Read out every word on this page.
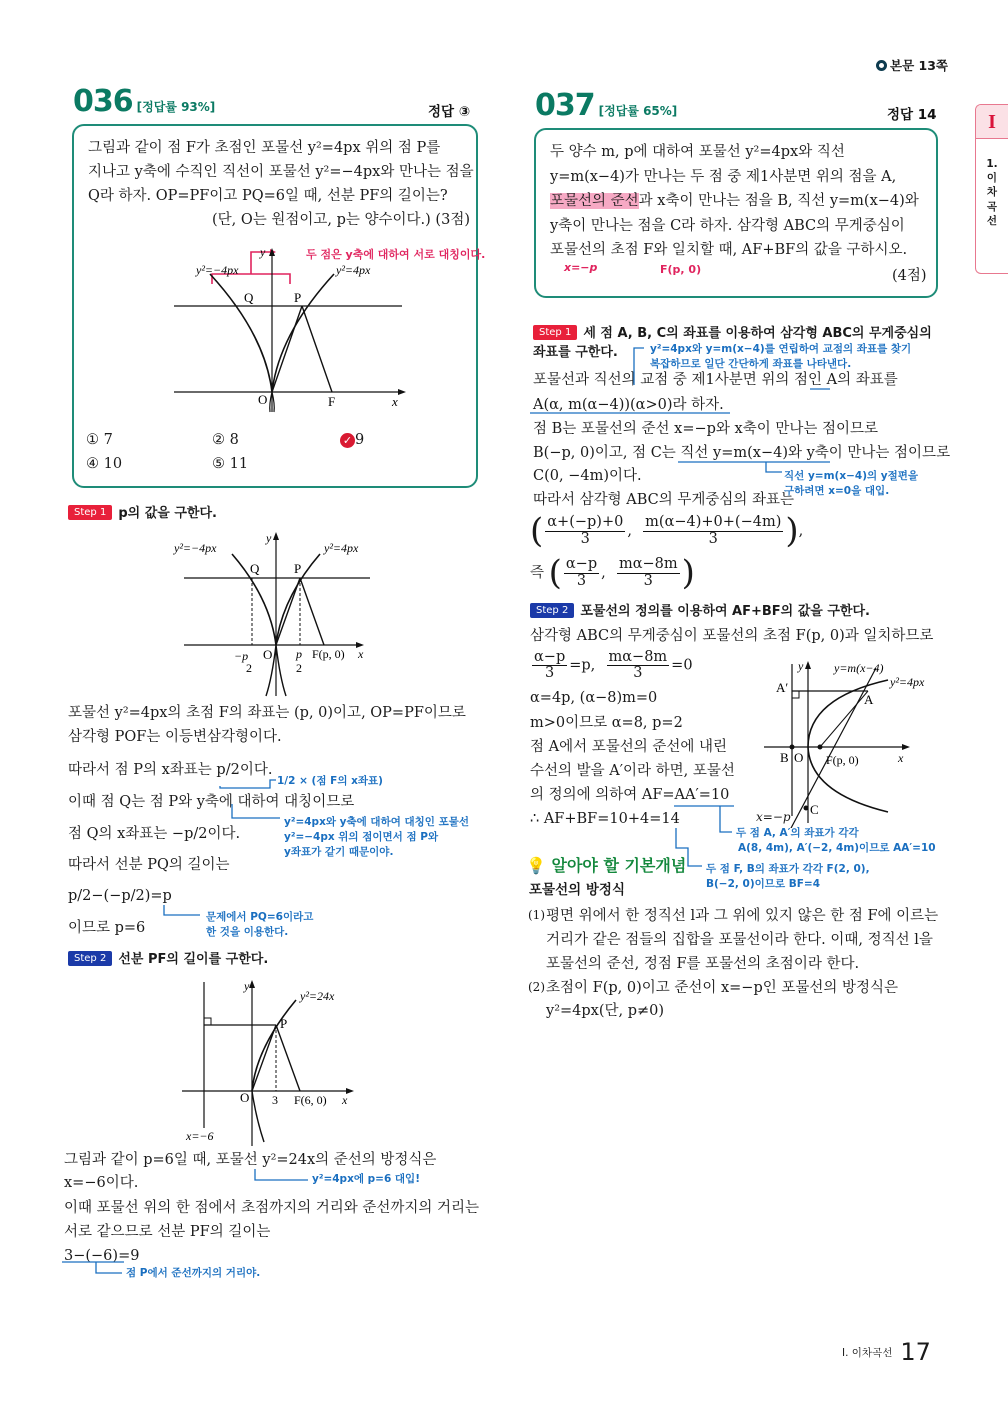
본문 13쪽
I
1.
이
차
곡
선
036 [정답률 93%]	정답 ③
그림과 같이 점 F가 초점인 포물선 y²=4px 위의 점 P를
지나고 y축에 수직인 직선이 포물선 y²=−4px와 만나는 점을
Q라 하자. OP=PF이고 PQ=6일 때, 선분 PF의 길이는?
(단, O는 원점이고, p는 양수이다.) (3점)
두 점은 y축에 대하여 서로 대칭이다.
y²=−4px	y²=4px
Q	P
O	F	x
y
① 7	② 8	✓ 9
④ 10	⑤ 11
Step 1 p의 값을 구한다.
y²=−4px	y²=4px
Q	P
O
−p
2
p
2
F(p, 0) x
y
포물선 y²=4px의 초점 F의 좌표는 (p, 0)이고, OP=PF이므로
삼각형 POF는 이등변삼각형이다.
따라서 점 P의 x좌표는 p/2이다.
이때 점 Q는 점 P와 y축에 대하여 대칭이므로
점 Q의 x좌표는 −p/2이다.
따라서 선분 PQ의 길이는
p/2−(−p/2)=p
이므로 p=6
1/2 × (점 F의 x좌표)
y²=4px와 y축에 대하여 대칭인 포물선
y²=−4px 위의 점이면서 점 P와
y좌표가 같기 때문이야.
문제에서 PQ=6이라고
한 것을 이용한다.
Step 2 선분 PF의 길이를 구한다.
y²=24x
P
O 3 F(6, 0) x
y
x=−6
그림과 같이 p=6일 때, 포물선 y²=24x의 준선의 방정식은
x=−6이다.
이때 포물선 위의 한 점에서 초점까지의 거리와 준선까지의 거리는
서로 같으므로 선분 PF의 길이는
3−(−6)=9
y²=4px에 p=6 대입!
점 P에서 준선까지의 거리야.
037 [정답률 65%]	정답 14
두 양수 m, p에 대하여 포물선 y²=4px와 직선
y=m(x−4)가 만나는 두 점 중 제1사분면 위의 점을 A,
포물선의 준선과 x축이 만나는 점을 B, 직선 y=m(x−4)와
y축이 만나는 점을 C라 하자. 삼각형 ABC의 무게중심이
포물선의 초점 F와 일치할 때, AF+BF의 값을 구하시오.
x=−p	F(p, 0)	(4점)
Step 1 세 점 A, B, C의 좌표를 이용하여 삼각형 ABC의 무게중심의
좌표를 구한다.	y²=4px와 y=m(x−4)를 연립하여 교점의 좌표를 찾기
복잡하므로 일단 간단하게 좌표를 나타낸다.
포물선과 직선의 교점 중 제1사분면 위의 점인 A의 좌표를
A(α, m(α−4))(α>0)라 하자.
점 B는 포물선의 준선 x=−p와 x축이 만나는 점이므로
B(−p, 0)이고, 점 C는 직선 y=m(x−4)와 y축이 만나는 점이므로
C(0, −4m)이다.	직선 y=m(x−4)의 y절편을
구하려면 x=0을 대입.
따라서 삼각형 ABC의 무게중심의 좌표는
( $\frac{\alpha+(-p)+0}{3}$ , $\frac{m(\alpha-4)+0+(-4m)}{3}$ ),
즉 ( $\frac{\alpha-p}{3}$ , $\frac{m\alpha-8m}{3}$ )
Step 2 포물선의 정의를 이용하여 AF+BF의 값을 구한다.
삼각형 ABC의 무게중심이 포물선의 초점 F(p, 0)과 일치하므로
$\frac{\alpha-p}{3} =p$, $\frac{m\alpha-8m}{3} =0$
α=4p, (α−8)m=0
m>0이므로 α=8, p=2
점 A에서 포물선의 준선에 내린
수선의 발을 A′이라 하면, 포물선
의 정의에 의하여 AF=AA′=10
∴ AF+BF=10+4=14
y=m(x−4)
y²=4px
A′
A
B O F(p, 0)
C
x
y
x=−p
두 점 A, A′의 좌표가 각각
A(8, 4m), A′(−2, 4m)이므로 AA′=10
두 점 F, B의 좌표가 각각 F(2, 0),
B(−2, 0)이므로 BF=4
💡 알아야 할 기본개념
포물선의 방정식
(1) 평면 위에서 한 정직선 l과 그 위에 있지 않은 한 점 F에 이르는
거리가 같은 점들의 집합을 포물선이라 한다. 이때, 정직선 l을
포물선의 준선, 정점 F를 포물선의 초점이라 한다.
(2) 초점이 F(p, 0)이고 준선이 x=−p인 포물선의 방정식은
y²=4px(단, p≠0)
$^{I. 이차곡선}$ 17
